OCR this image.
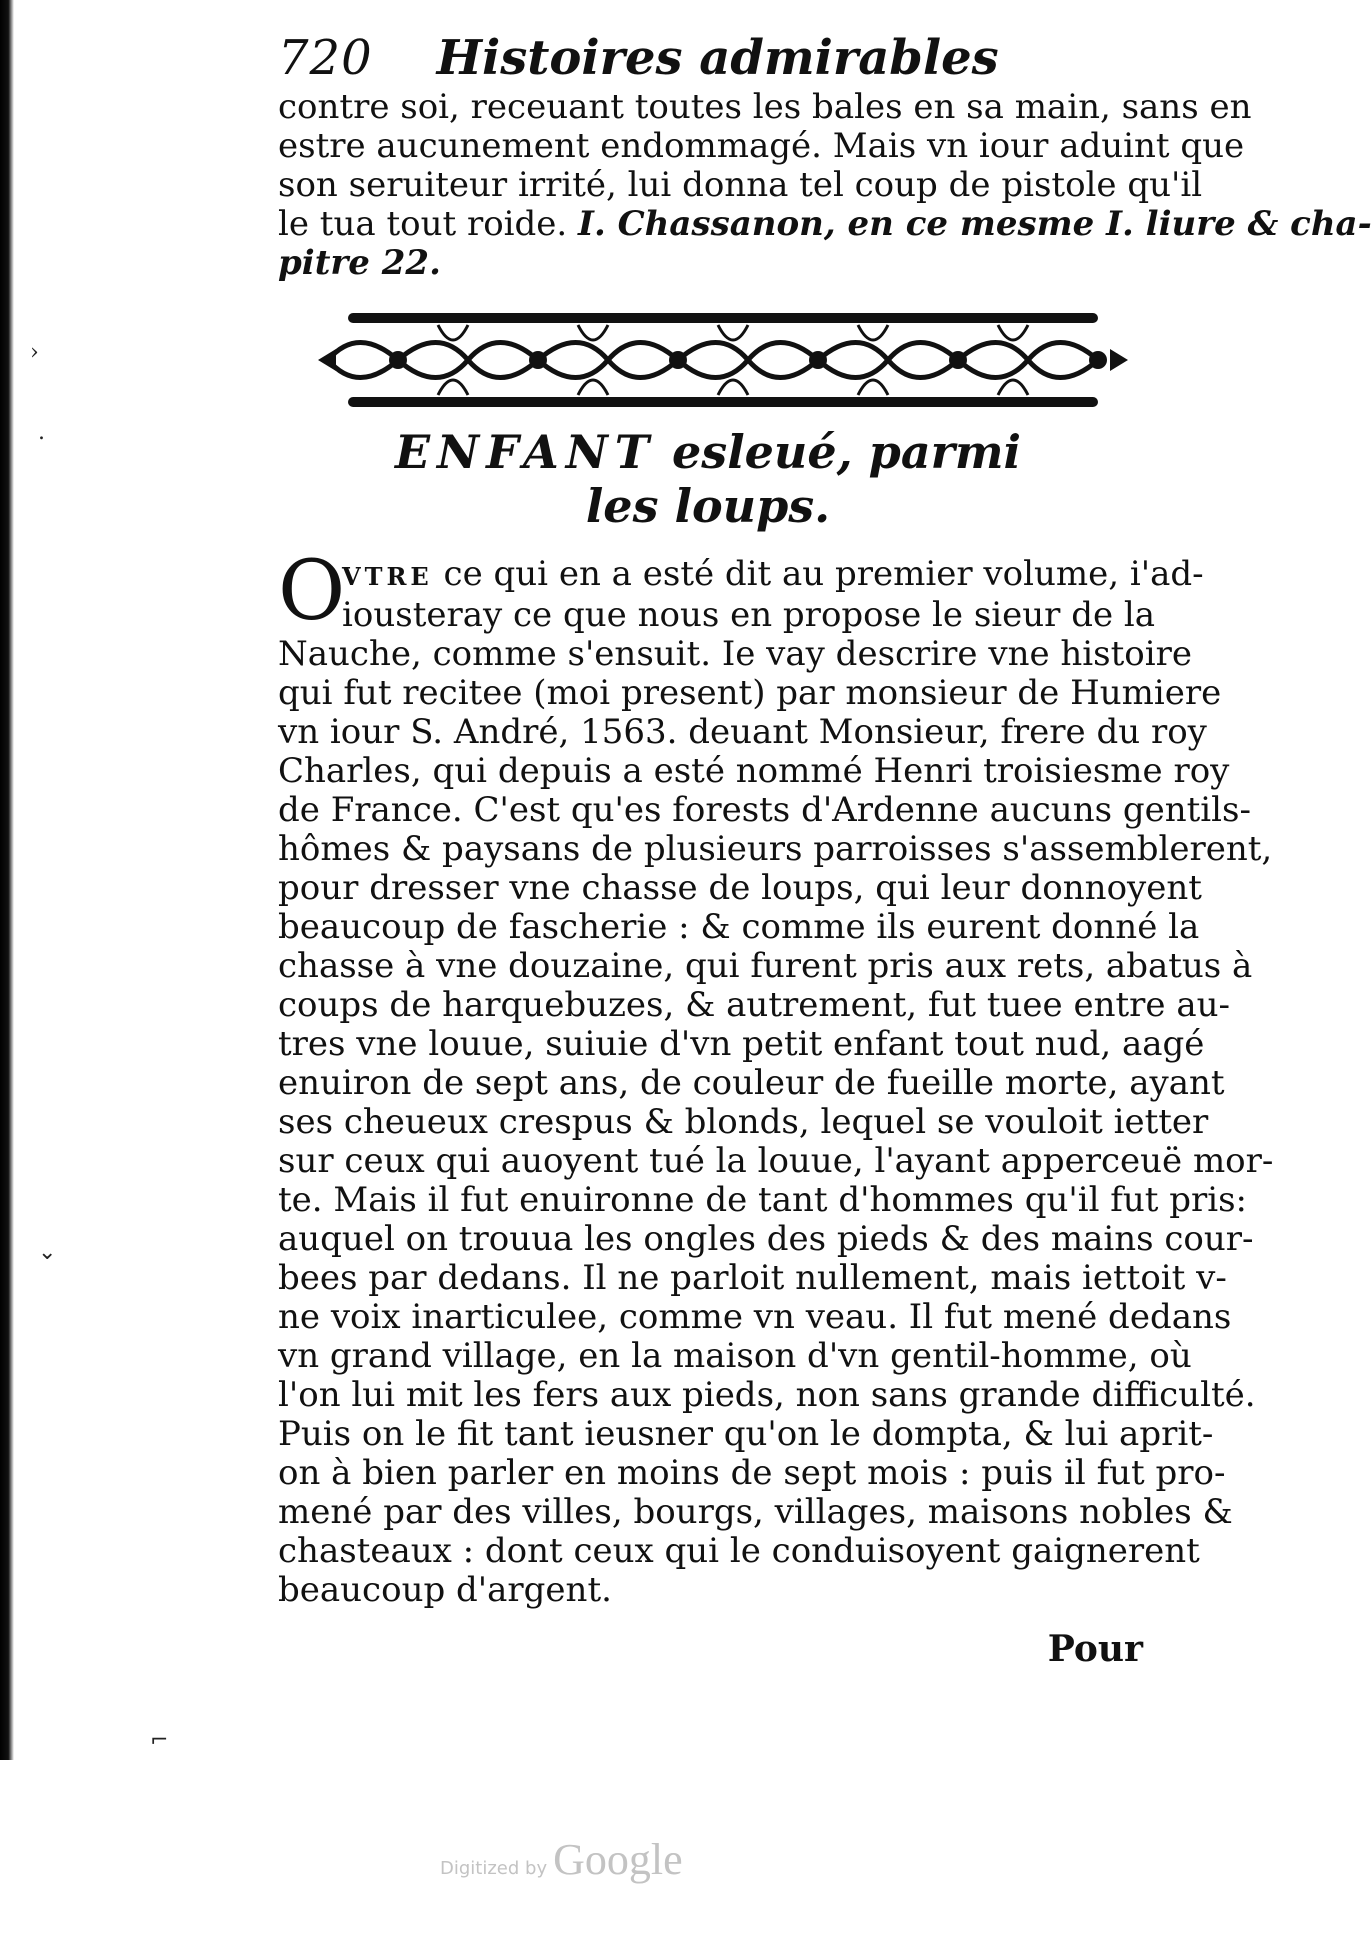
›
.
⌄
⌐
720 Histoires admirables

contre soi, receuant toutes les bales en sa main, sans en

estre aucunement endommagé. Mais vn iour aduint que

son seruiteur irrité, lui donna tel coup de pistole qu'il

le tua tout roide. I. Chassanon, en ce mesme I. liure & cha-

pitre 22.

ENFANT esleué, parmi
les loups.
O

VTRE ce qui en a esté dit au premier volume, i'ad-

iousteray ce que nous en propose le sieur de la

Nauche, comme s'ensuit. Ie vay descrire vne histoire

qui fut recitee (moi present) par monsieur de Humiere

vn iour S. André, 1563. deuant Monsieur, frere du roy

Charles, qui depuis a esté nommé Henri troisiesme roy

de France. C'est qu'es forests d'Ardenne aucuns gentils-

hômes & paysans de plusieurs parroisses s'assemblerent,

pour dresser vne chasse de loups, qui leur donnoyent

beaucoup de fascherie : & comme ils eurent donné la

chasse à vne douzaine, qui furent pris aux rets, abatus à

coups de harquebuzes, & autrement, fut tuee entre au-

tres vne louue, suiuie d'vn petit enfant tout nud, aagé

enuiron de sept ans, de couleur de fueille morte, ayant

ses cheueux crespus & blonds, lequel se vouloit ietter

sur ceux qui auoyent tué la louue, l'ayant apperceuë mor-

te. Mais il fut enuironne de tant d'hommes qu'il fut pris:

auquel on trouua les ongles des pieds & des mains cour-

bees par dedans. Il ne parloit nullement, mais iettoit v-

ne voix inarticulee, comme vn veau. Il fut mené dedans

vn grand village, en la maison d'vn gentil-homme, où

l'on lui mit les fers aux pieds, non sans grande difficulté.

Puis on le fit tant ieusner qu'on le dompta, & lui aprit-

on à bien parler en moins de sept mois : puis il fut pro-

mené par des villes, bourgs, villages, maisons nobles &

chasteaux : dont ceux qui le conduisoyent gaignerent

beaucoup d'argent.

Pour
Digitized by Google
